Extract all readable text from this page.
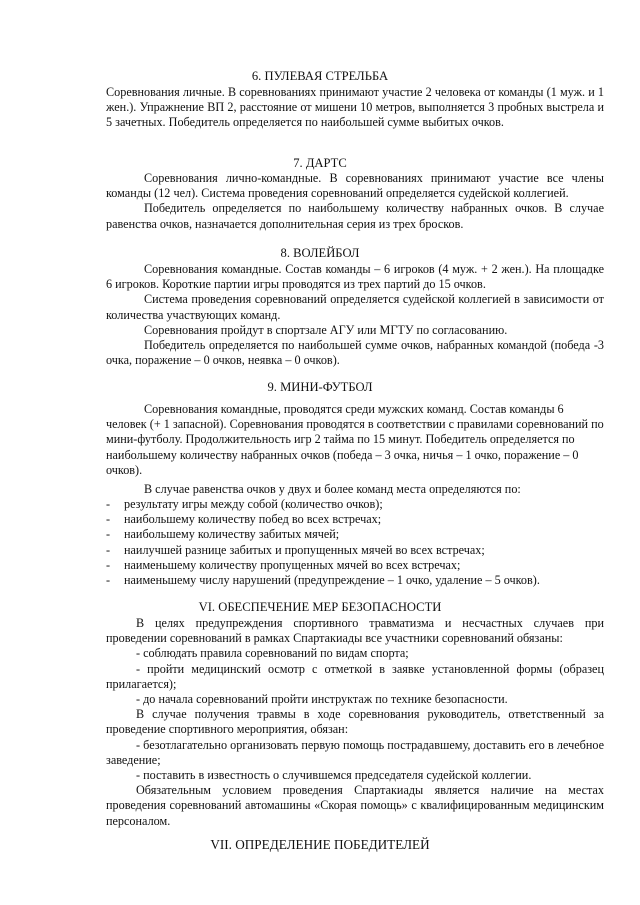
6. ПУЛЕВАЯ СТРЕЛЬБА

Соревнования личные. В соревнованиях принимают участие 2 человека от команды (1 муж. и 1 жен.). Упражнение ВП 2, расстояние от мишени 10 метров, выполняется 3 пробных выстрела и 5 зачетных. Победитель определяется по наибольшей сумме выбитых очков.

7. ДАРТС

Соревнования лично-командные. В соревнованиях принимают участие все члены команды (12 чел). Система проведения соревнований определяется судейской коллегией.

Победитель определяется по наибольшему количеству набранных очков. В случае равенства очков, назначается дополнительная серия из трех бросков.

8. ВОЛЕЙБОЛ

Соревнования командные. Состав команды – 6 игроков (4 муж. + 2 жен.). На площадке 6 игроков. Короткие партии игры проводятся из трех партий до 15 очков.

Система проведения соревнований определяется судейской коллегией в зависимости от количества участвующих команд.

Соревнования пройдут в спортзале АГУ или МГТУ по согласованию.

Победитель определяется по наибольшей сумме очков, набранных командой (победа -3 очка, поражение – 0 очков, неявка – 0 очков).

9. МИНИ-ФУТБОЛ

Соревнования командные, проводятся среди мужских команд. Состав команды 6 человек (+ 1 запасной). Соревнования проводятся в соответствии с правилами соревнований по мини-футболу. Продолжительность игр 2 тайма по 15 минут. Победитель определяется по наибольшему количеству набранных очков (победа – 3 очка, ничья – 1 очко, поражение – 0 очков).

В случае равенства очков у двух и более команд места определяются по:

- результату игры между собой (количество очков);
- наибольшему количеству побед во всех встречах;
- наибольшему количеству забитых мячей;
- наилучшей разнице забитых и пропущенных мячей во всех встречах;
- наименьшему количеству пропущенных мячей во всех встречах;
- наименьшему числу нарушений (предупреждение – 1 очко, удаление – 5 очков).
VI. ОБЕСПЕЧЕНИЕ МЕР БЕЗОПАСНОСТИ

В целях предупреждения спортивного травматизма и несчастных случаев при проведении соревнований в рамках Спартакиады все участники соревнований обязаны:

- соблюдать правила соревнований по видам спорта;

- пройти медицинский осмотр с отметкой в заявке установленной формы (образец прилагается);

- до начала соревнований пройти инструктаж по технике безопасности.

В случае получения травмы в ходе соревнования руководитель, ответственный за проведение спортивного мероприятия, обязан:

- безотлагательно организовать первую помощь пострадавшему, доставить его в лечебное заведение;

- поставить в известность о случившемся председателя судейской коллегии.

Обязательным условием проведения Спартакиады является наличие на местах проведения соревнований автомашины «Скорая помощь» с квалифицированным медицинским персоналом.

VII. ОПРЕДЕЛЕНИЕ ПОБЕДИТЕЛЕЙ
